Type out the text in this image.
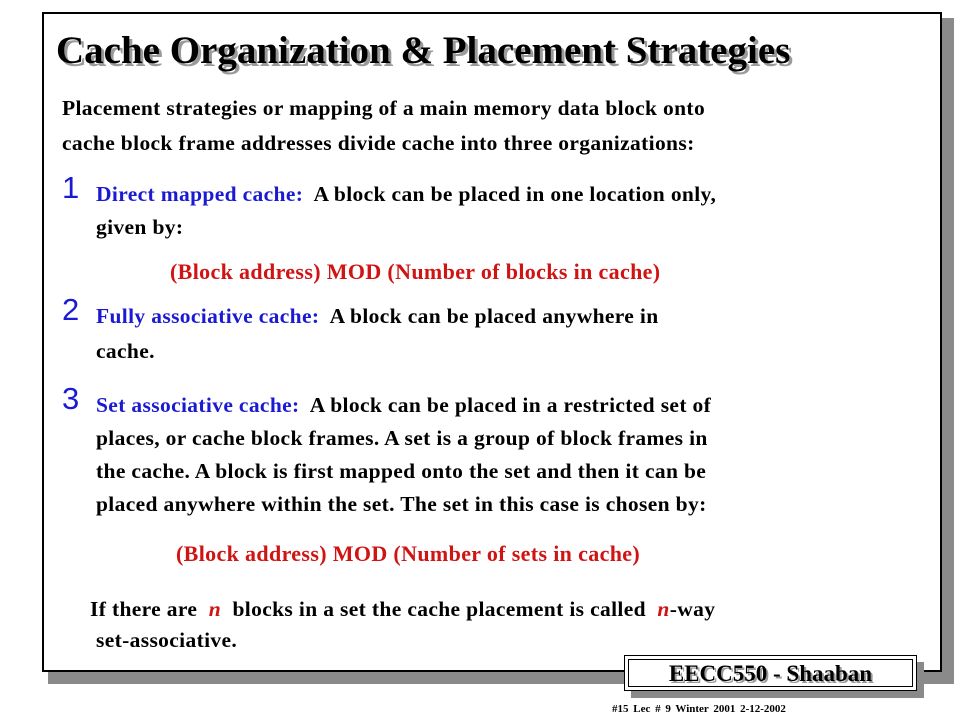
Cache Organization & Placement Strategies

Placement strategies or mapping of a main memory data block onto

cache block frame addresses divide cache into three organizations:

1 Direct mapped cache: A block can be placed in one location only,

given by:

(Block address) MOD (Number of blocks in cache)

2 Fully associative cache: A block can be placed anywhere in

cache.

3 Set associative cache: A block can be placed in a restricted set of

places, or cache block frames. A set is a group of block frames in

the cache. A block is first mapped onto the set and then it can be

placed anywhere within the set. The set in this case is chosen by:

(Block address) MOD (Number of sets in cache)

If there are n blocks in a set the cache placement is called n-way

set-associative.

EECC550 - Shaaban
#15 Lec # 9 Winter 2001 2-12-2002
